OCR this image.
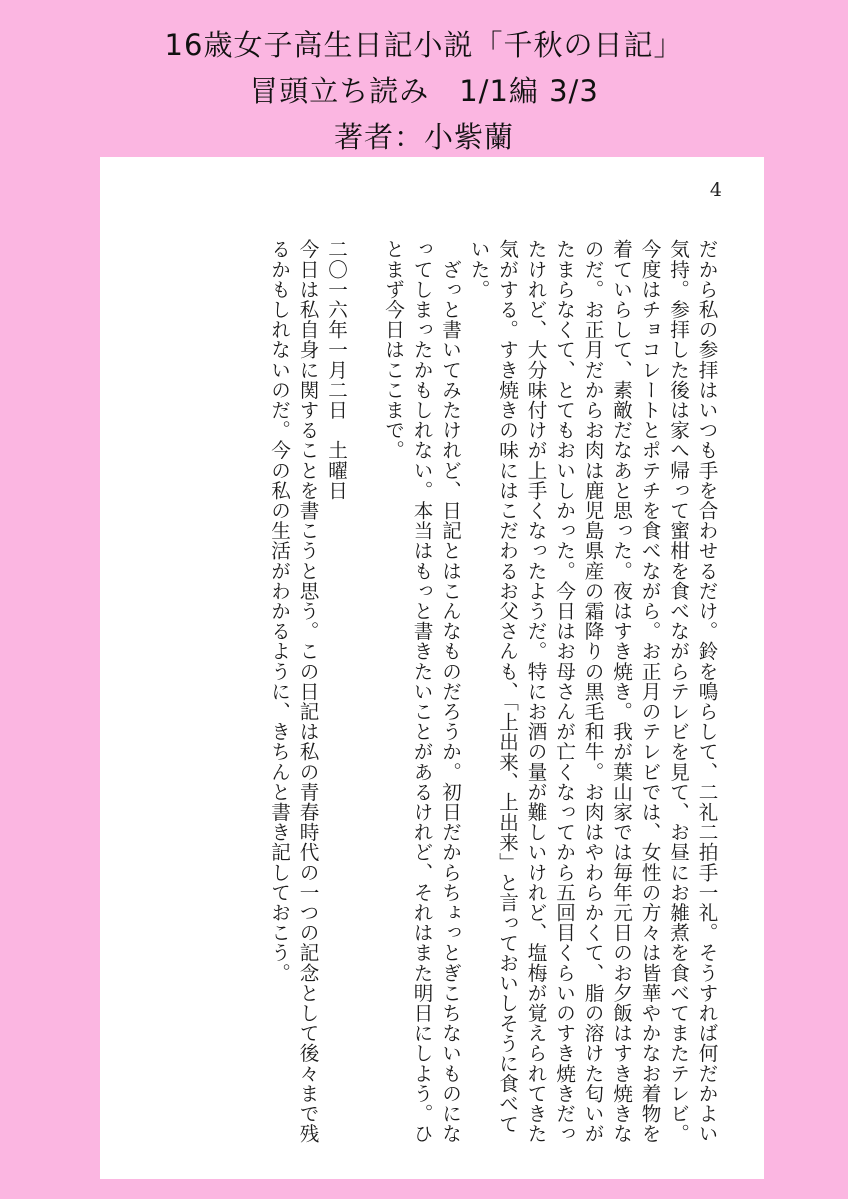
16歳女子高生日記小説「千秋の日記」
冒頭立ち読み　1/1編 3/3
著者：小紫蘭
4

だから私の参拝はいつも手を合わせるだけ。鈴を鳴らして、二礼二拍手一礼。そうすれば何だかよい気持。参拝した後は家へ帰って蜜柑を食べながらテレビを見て、お昼にお雑煮を食べてまたテレビ。今度はチョコレートとポテチを食べながら。お正月のテレビでは、女性の方々は皆華やかなお着物を着ていらして、素敵だなあと思った。夜はすき焼き。我が葉山家では毎年元日のお夕飯はすき焼きなのだ。お正月だからお肉は鹿児島県産の霜降りの黒毛和牛。お肉はやわらかくて、脂の溶けた匂いがたまらなくて、とてもおいしかった。今日はお母さんが亡くなってから五回目くらいのすき焼きだったけれど、大分味付けが上手くなったようだ。特にお酒の量が難しいけれど、塩梅が覚えられてきた気がする。すき焼きの味にはこだわるお父さんも、「上出来、上出来」と言っておいしそうに食べていた。

　ざっと書いてみたけれど、日記とはこんなものだろうか。初日だからちょっとぎこちないものになってしまったかもしれない。本当はもっと書きたいことがあるけれど、それはまた明日にしよう。ひとまず今日はここまで。

二〇一六年一月二日　土曜日

今日は私自身に関することを書こうと思う。この日記は私の青春時代の一つの記念として後々まで残るかもしれないのだ。今の私の生活がわかるように、きちんと書き記しておこう。
